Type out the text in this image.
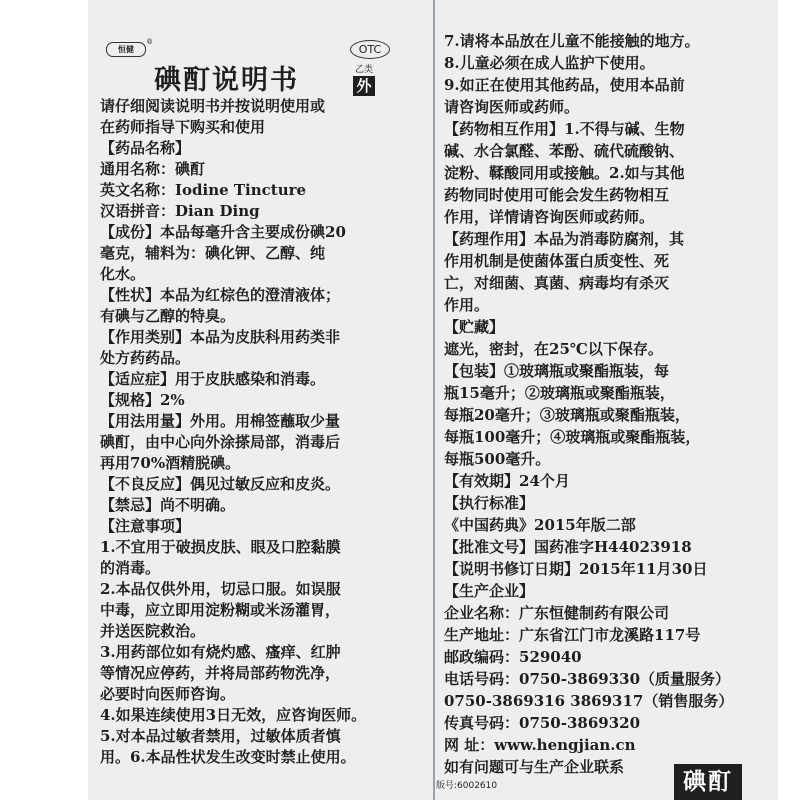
恒健
®
碘酊说明书
OTC
乙类
外

请仔细阅读说明书并按说明使用或

在药师指导下购买和使用

【药品名称】

通用名称：碘酊

英文名称：Iodine Tincture

汉语拼音：Dian Ding

【成份】本品每毫升含主要成份碘20

毫克，辅料为：碘化钾、乙醇、纯

化水。

【性状】本品为红棕色的澄清液体；

有碘与乙醇的特臭。

【作用类别】本品为皮肤科用药类非

处方药药品。

【适应症】用于皮肤感染和消毒。

【规格】2%

【用法用量】外用。用棉签蘸取少量

碘酊，由中心向外涂搽局部，消毒后

再用70%酒精脱碘。

【不良反应】偶见过敏反应和皮炎。

【禁忌】尚不明确。

【注意事项】

1.不宜用于破损皮肤、眼及口腔黏膜

的消毒。

2.本品仅供外用，切忌口服。如误服

中毒，应立即用淀粉糊或米汤灌胃，

并送医院救治。

3.用药部位如有烧灼感、瘙痒、红肿

等情况应停药，并将局部药物洗净，

必要时向医师咨询。

4.如果连续使用3日无效，应咨询医师。

5.对本品过敏者禁用，过敏体质者慎

用。6.本品性状发生改变时禁止使用。

7.请将本品放在儿童不能接触的地方。

8.儿童必须在成人监护下使用。

9.如正在使用其他药品，使用本品前

请咨询医师或药师。

【药物相互作用】1.不得与碱、生物

碱、水合氯醛、苯酚、硫代硫酸钠、

淀粉、鞣酸同用或接触。2.如与其他

药物同时使用可能会发生药物相互

作用，详情请咨询医师或药师。

【药理作用】本品为消毒防腐剂，其

作用机制是使菌体蛋白质变性、死

亡，对细菌、真菌、病毒均有杀灭

作用。

【贮藏】

遮光，密封，在25℃以下保存。

【包装】①玻璃瓶或聚酯瓶装，每

瓶15毫升；②玻璃瓶或聚酯瓶装，

每瓶20毫升；③玻璃瓶或聚酯瓶装，

每瓶100毫升；④玻璃瓶或聚酯瓶装，

每瓶500毫升。

【有效期】24个月

【执行标准】

《中国药典》2015年版二部

【批准文号】国药准字H44023918

【说明书修订日期】2015年11月30日

【生产企业】

企业名称：广东恒健制药有限公司

生产地址：广东省江门市龙溪路117号

邮政编码：529040

电话号码：0750-3869330（质量服务）

0750-3869316 3869317（销售服务）

传真号码：0750-3869320

网 址：www.hengjian.cn

如有问题可与生产企业联系

版号:6002610	碘酊
